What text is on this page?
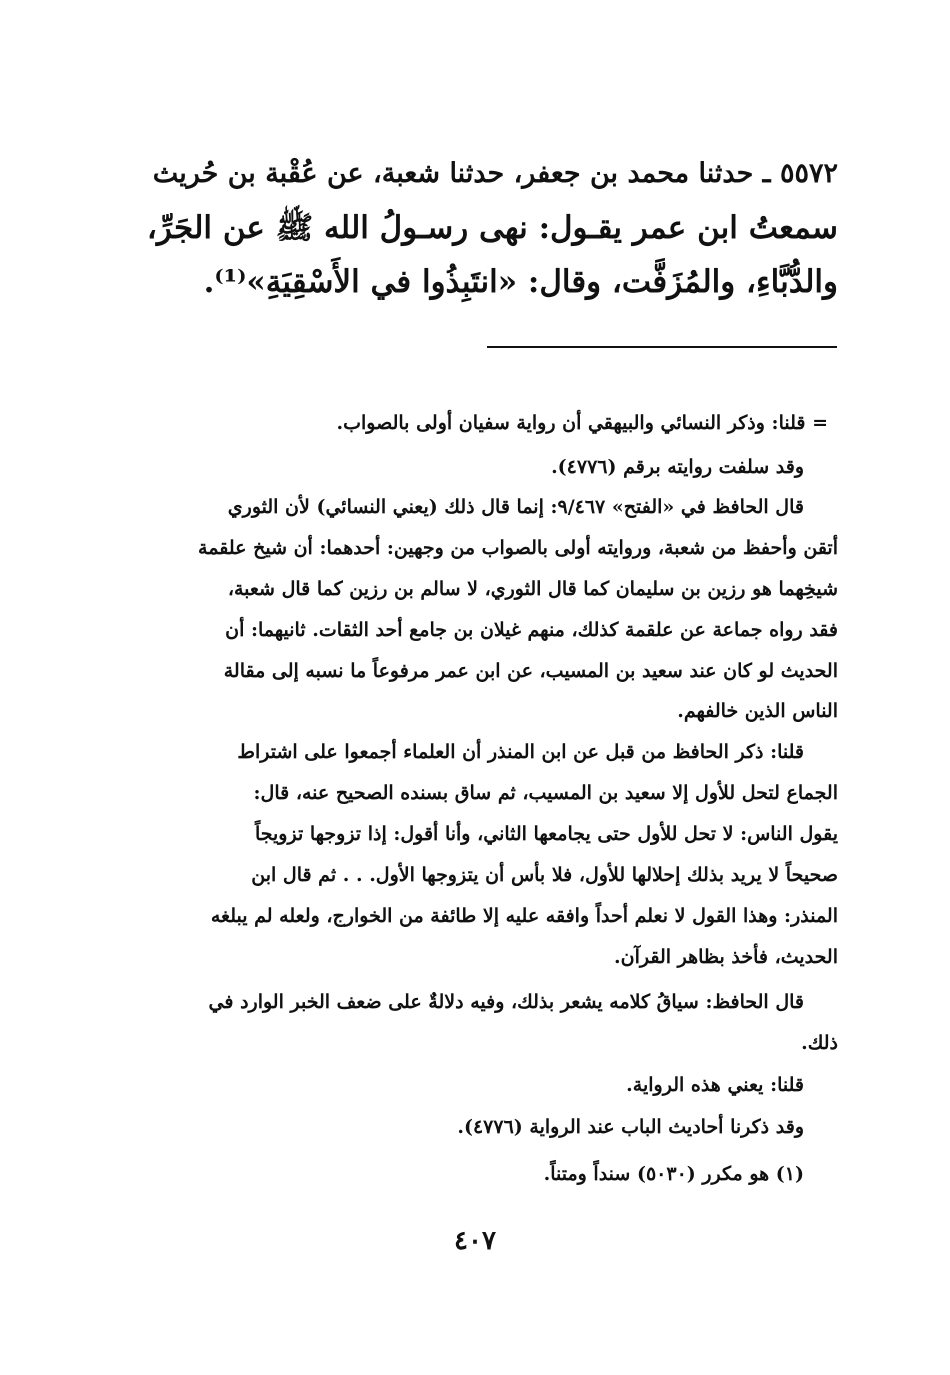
٥٥٧٢ ـ حدثنا محمد بن جعفر، حدثنا شعبة، عن عُقْبة بن حُريث
سمعتُ ابن عمر يقـول: نهى رسـولُ الله ﷺ عن الجَرِّ،
والدُّبَّاءِ، والمُزَفَّت، وقال: «انتَبِذُوا في الأَسْقِيَةِ»⁽¹⁾.
= قلنا: وذكر النسائي والبيهقي أن رواية سفيان أولى بالصواب.
وقد سلفت روايته برقم (٤٧٧٦).
قال الحافظ في «الفتح» ٩/٤٦٧: إنما قال ذلك (يعني النسائي) لأن الثوري
أتقن وأحفظ من شعبة، وروايته أولى بالصواب من وجهين: أحدهما: أن شيخ علقمة
شيخِهما هو رزين بن سليمان كما قال الثوري، لا سالم بن رزين كما قال شعبة،
فقد رواه جماعة عن علقمة كذلك، منهم غيلان بن جامع أحد الثقات. ثانيهما: أن
الحديث لو كان عند سعيد بن المسيب، عن ابن عمر مرفوعاً ما نسبه إلى مقالة
الناس الذين خالفهم.
قلنا: ذكر الحافظ من قبل عن ابن المنذر أن العلماء أجمعوا على اشتراط
الجماع لتحل للأول إلا سعيد بن المسيب، ثم ساق بسنده الصحيح عنه، قال:
يقول الناس: لا تحل للأول حتى يجامعها الثاني، وأنا أقول: إذا تزوجها تزويجاً
صحيحاً لا يريد بذلك إحلالها للأول، فلا بأس أن يتزوجها الأول. . . ثم قال ابن
المنذر: وهذا القول لا نعلم أحداً وافقه عليه إلا طائفة من الخوارج، ولعله لم يبلغه
الحديث، فأخذ بظاهر القرآن.
قال الحافظ: سياقُ كلامه يشعر بذلك، وفيه دلالةٌ على ضعف الخبر الوارد في
ذلك.
قلنا: يعني هذه الرواية.
وقد ذكرنا أحاديث الباب عند الرواية (٤٧٧٦).
(١) هو مكرر (٥٠٣٠) سنداً ومتناً.
٤٠٧
